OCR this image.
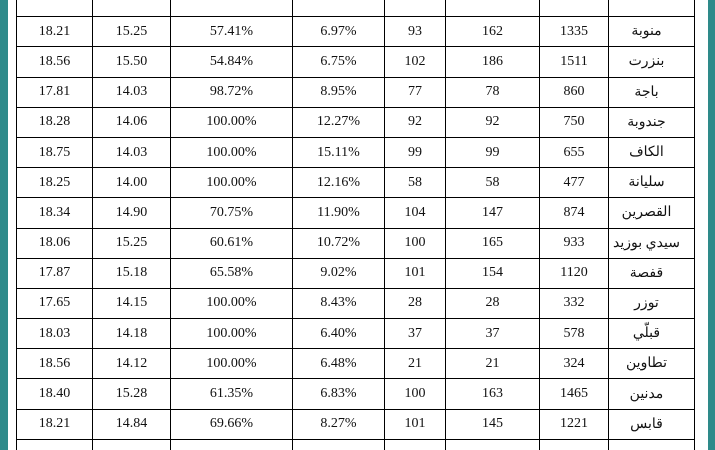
18.21	15.25	57.41%	6.97%	93	162	1335	منوبة
18.56	15.50	54.84%	6.75%	102	186	1511	بنزرت
17.81	14.03	98.72%	8.95%	77	78	860	باجة
18.28	14.06	100.00%	12.27%	92	92	750	جندوبة
18.75	14.03	100.00%	15.11%	99	99	655	الكاف
18.25	14.00	100.00%	12.16%	58	58	477	سليانة
18.34	14.90	70.75%	11.90%	104	147	874	القصرين
18.06	15.25	60.61%	10.72%	100	165	933	سيدي بوزيد
17.87	15.18	65.58%	9.02%	101	154	1120	قفصة
17.65	14.15	100.00%	8.43%	28	28	332	توزر
18.03	14.18	100.00%	6.40%	37	37	578	قبلّي
18.56	14.12	100.00%	6.48%	21	21	324	تطاوين
18.40	15.28	61.35%	6.83%	100	163	1465	مدنين
18.21	14.84	69.66%	8.27%	101	145	1221	قابس
